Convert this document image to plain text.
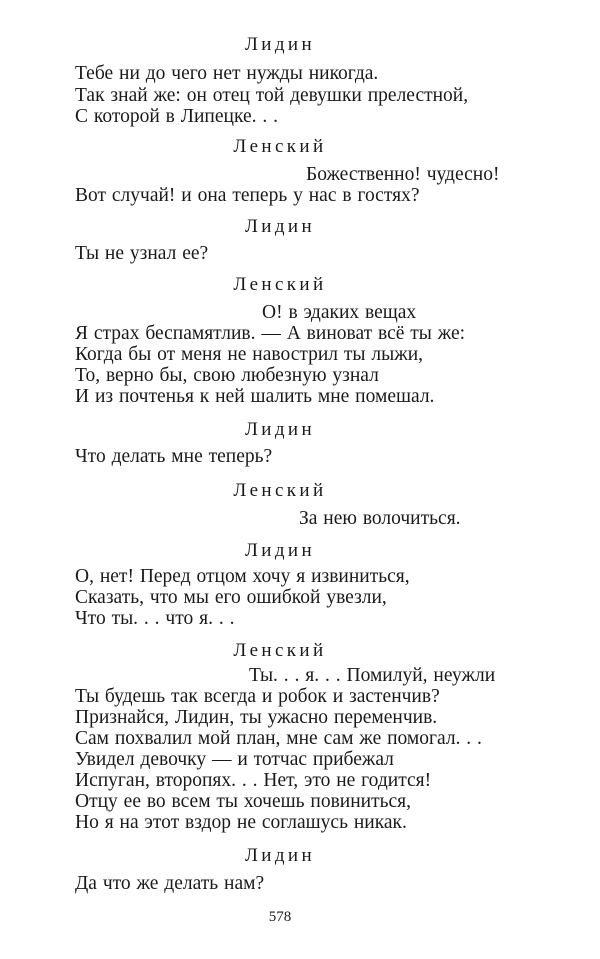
Лидин
Тебе ни до чего нет нужды никогда.
Так знай же: он отец той девушки прелестной,
С которой в Липецке. . .
Ленский
Божественно! чудесно!
Вот случай! и она теперь у нас в гостях?
Лидин
Ты не узнал ее?
Ленский
О! в эдаких вещах
Я страх беспамятлив. — А виноват всё ты же:
Когда бы от меня не навострил ты лыжи,
То, верно бы, свою любезную узнал
И из почтенья к ней шалить мне помешал.
Лидин
Что делать мне теперь?
Ленский
За нею волочиться.
Лидин
О, нет! Перед отцом хочу я извиниться,
Сказать, что мы его ошибкой увезли,
Что ты. . . что я. . .
Ленский
Ты. . . я. . . Помилуй, неужли
Ты будешь так всегда и робок и застенчив?
Признайся, Лидин, ты ужасно переменчив.
Сам похвалил мой план, мне сам же помогал. . .
Увидел девочку — и тотчас прибежал
Испуган, второпях. . . Нет, это не годится!
Отцу ее во всем ты хочешь повиниться,
Но я на этот вздор не соглашусь никак.
Лидин
Да что же делать нам?
578
